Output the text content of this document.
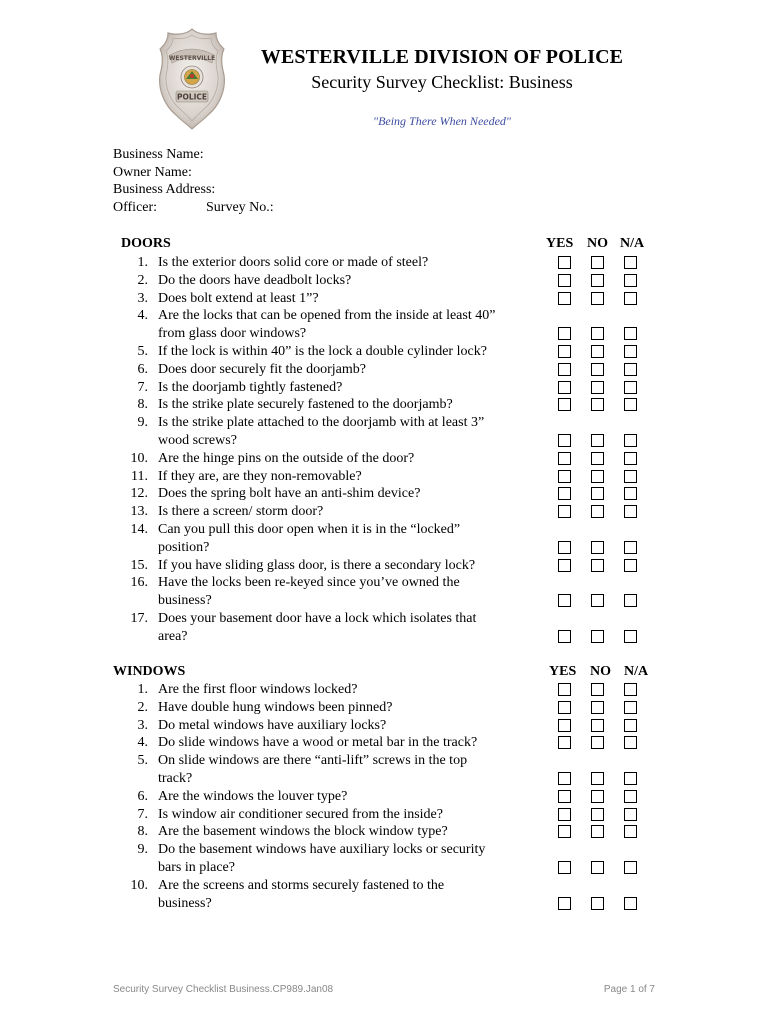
WESTERVILLE
POLICE
WESTERVILLE DIVISION OF POLICE
Security Survey Checklist: Business
"Being There When Needed"
Business Name:
Owner Name:
Business Address:
Officer:	Survey No.:
DOORS	YES NO N/A
1. Is the exterior doors solid core or made of steel?
2. Do the doors have deadbolt locks?
3. Does bolt extend at least 1”?
4. Are the locks that can be opened from the inside at least 40”
from glass door windows?
5. If the lock is within 40” is the lock a double cylinder lock?
6. Does door securely fit the doorjamb?
7. Is the doorjamb tightly fastened?
8. Is the strike plate securely fastened to the doorjamb?
9. Is the strike plate attached to the doorjamb with at least 3”
wood screws?
10. Are the hinge pins on the outside of the door?
11. If they are, are they non-removable?
12. Does the spring bolt have an anti-shim device?
13. Is there a screen/ storm door?
14. Can you pull this door open when it is in the “locked”
position?
15. If you have sliding glass door, is there a secondary lock?
16. Have the locks been re-keyed since you’ve owned the
business?
17. Does your basement door have a lock which isolates that
area?
WINDOWS	YES NO N/A
1. Are the first floor windows locked?
2. Have double hung windows been pinned?
3. Do metal windows have auxiliary locks?
4. Do slide windows have a wood or metal bar in the track?
5. On slide windows are there “anti-lift” screws in the top
track?
6. Are the windows the louver type?
7. Is window air conditioner secured from the inside?
8. Are the basement windows the block window type?
9. Do the basement windows have auxiliary locks or security
bars in place?
10. Are the screens and storms securely fastened to the
business?
Security Survey Checklist Business.CP989.Jan08	Page 1 of 7
